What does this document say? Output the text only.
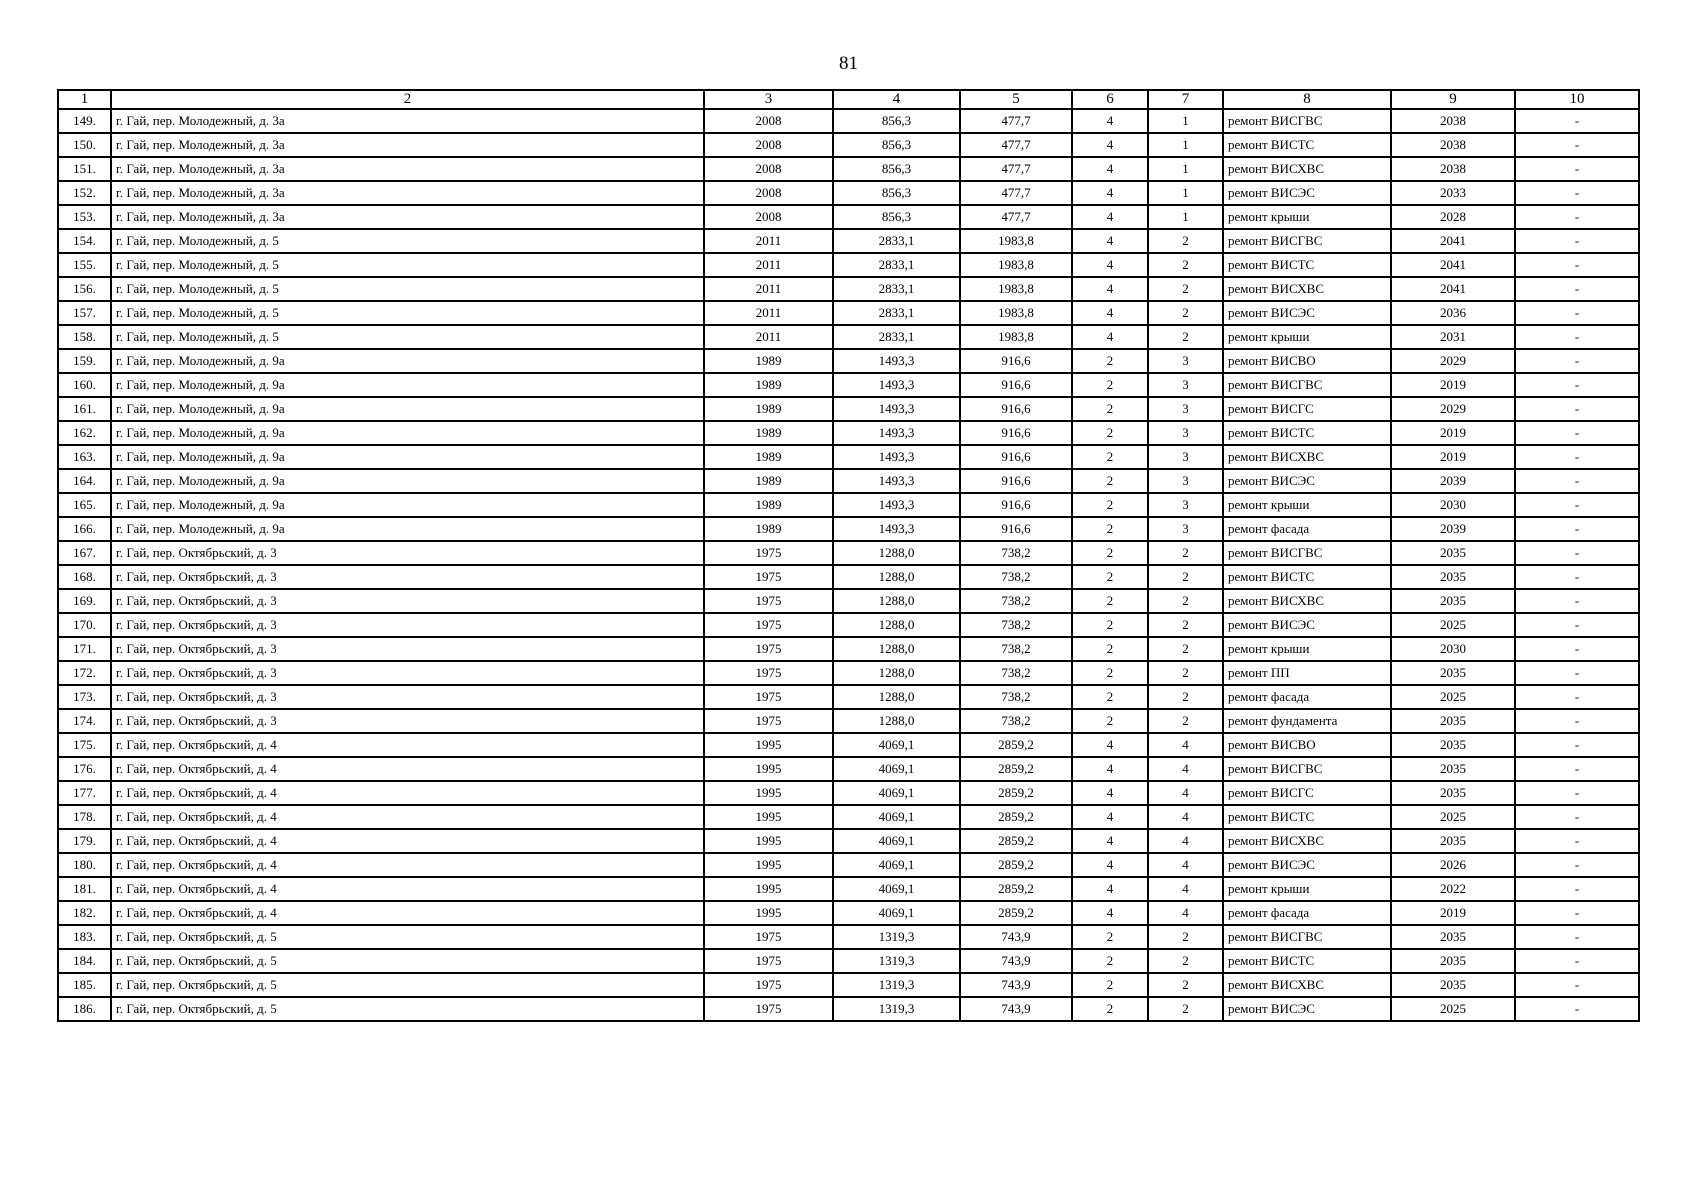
81
1	2	3	4	5	6	7	8	9	10
149.	г. Гай, пер. Молодежный, д. 3а	2008	856,3	477,7	4	1	ремонт ВИСГВС	2038	-
150.	г. Гай, пер. Молодежный, д. 3а	2008	856,3	477,7	4	1	ремонт ВИСТС	2038	-
151.	г. Гай, пер. Молодежный, д. 3а	2008	856,3	477,7	4	1	ремонт ВИСХВС	2038	-
152.	г. Гай, пер. Молодежный, д. 3а	2008	856,3	477,7	4	1	ремонт ВИСЭС	2033	-
153.	г. Гай, пер. Молодежный, д. 3а	2008	856,3	477,7	4	1	ремонт крыши	2028	-
154.	г. Гай, пер. Молодежный, д. 5	2011	2833,1	1983,8	4	2	ремонт ВИСГВС	2041	-
155.	г. Гай, пер. Молодежный, д. 5	2011	2833,1	1983,8	4	2	ремонт ВИСТС	2041	-
156.	г. Гай, пер. Молодежный, д. 5	2011	2833,1	1983,8	4	2	ремонт ВИСХВС	2041	-
157.	г. Гай, пер. Молодежный, д. 5	2011	2833,1	1983,8	4	2	ремонт ВИСЭС	2036	-
158.	г. Гай, пер. Молодежный, д. 5	2011	2833,1	1983,8	4	2	ремонт крыши	2031	-
159.	г. Гай, пер. Молодежный, д. 9а	1989	1493,3	916,6	2	3	ремонт ВИСВО	2029	-
160.	г. Гай, пер. Молодежный, д. 9а	1989	1493,3	916,6	2	3	ремонт ВИСГВС	2019	-
161.	г. Гай, пер. Молодежный, д. 9а	1989	1493,3	916,6	2	3	ремонт ВИСГС	2029	-
162.	г. Гай, пер. Молодежный, д. 9а	1989	1493,3	916,6	2	3	ремонт ВИСТС	2019	-
163.	г. Гай, пер. Молодежный, д. 9а	1989	1493,3	916,6	2	3	ремонт ВИСХВС	2019	-
164.	г. Гай, пер. Молодежный, д. 9а	1989	1493,3	916,6	2	3	ремонт ВИСЭС	2039	-
165.	г. Гай, пер. Молодежный, д. 9а	1989	1493,3	916,6	2	3	ремонт крыши	2030	-
166.	г. Гай, пер. Молодежный, д. 9а	1989	1493,3	916,6	2	3	ремонт фасада	2039	-
167.	г. Гай, пер. Октябрьский, д. 3	1975	1288,0	738,2	2	2	ремонт ВИСГВС	2035	-
168.	г. Гай, пер. Октябрьский, д. 3	1975	1288,0	738,2	2	2	ремонт ВИСТС	2035	-
169.	г. Гай, пер. Октябрьский, д. 3	1975	1288,0	738,2	2	2	ремонт ВИСХВС	2035	-
170.	г. Гай, пер. Октябрьский, д. 3	1975	1288,0	738,2	2	2	ремонт ВИСЭС	2025	-
171.	г. Гай, пер. Октябрьский, д. 3	1975	1288,0	738,2	2	2	ремонт крыши	2030	-
172.	г. Гай, пер. Октябрьский, д. 3	1975	1288,0	738,2	2	2	ремонт ПП	2035	-
173.	г. Гай, пер. Октябрьский, д. 3	1975	1288,0	738,2	2	2	ремонт фасада	2025	-
174.	г. Гай, пер. Октябрьский, д. 3	1975	1288,0	738,2	2	2	ремонт фундамента	2035	-
175.	г. Гай, пер. Октябрьский, д. 4	1995	4069,1	2859,2	4	4	ремонт ВИСВО	2035	-
176.	г. Гай, пер. Октябрьский, д. 4	1995	4069,1	2859,2	4	4	ремонт ВИСГВС	2035	-
177.	г. Гай, пер. Октябрьский, д. 4	1995	4069,1	2859,2	4	4	ремонт ВИСГС	2035	-
178.	г. Гай, пер. Октябрьский, д. 4	1995	4069,1	2859,2	4	4	ремонт ВИСТС	2025	-
179.	г. Гай, пер. Октябрьский, д. 4	1995	4069,1	2859,2	4	4	ремонт ВИСХВС	2035	-
180.	г. Гай, пер. Октябрьский, д. 4	1995	4069,1	2859,2	4	4	ремонт ВИСЭС	2026	-
181.	г. Гай, пер. Октябрьский, д. 4	1995	4069,1	2859,2	4	4	ремонт крыши	2022	-
182.	г. Гай, пер. Октябрьский, д. 4	1995	4069,1	2859,2	4	4	ремонт фасада	2019	-
183.	г. Гай, пер. Октябрьский, д. 5	1975	1319,3	743,9	2	2	ремонт ВИСГВС	2035	-
184.	г. Гай, пер. Октябрьский, д. 5	1975	1319,3	743,9	2	2	ремонт ВИСТС	2035	-
185.	г. Гай, пер. Октябрьский, д. 5	1975	1319,3	743,9	2	2	ремонт ВИСХВС	2035	-
186.	г. Гай, пер. Октябрьский, д. 5	1975	1319,3	743,9	2	2	ремонт ВИСЭС	2025	-
